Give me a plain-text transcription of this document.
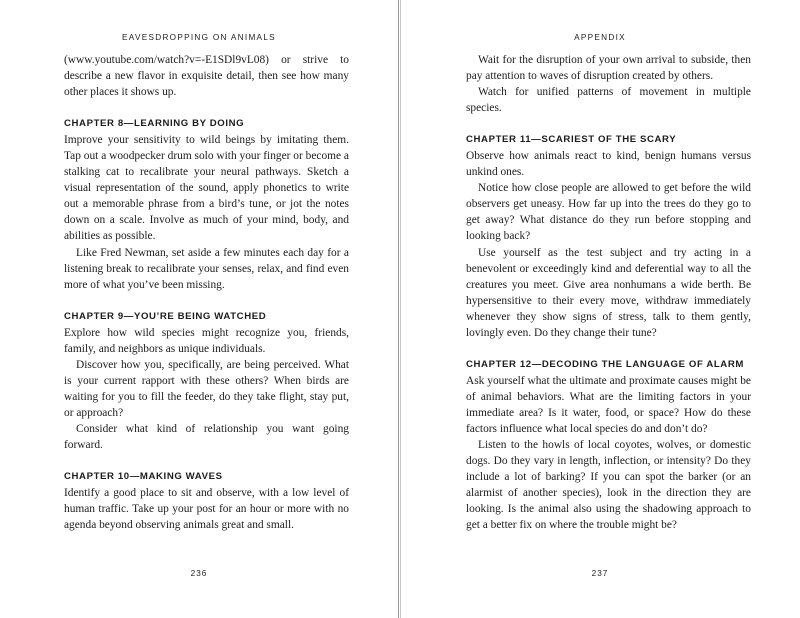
EAVESDROPPING ON ANIMALS

(www.youtube.com/watch?v=-E1SDl9vL08) or strive to describe a new flavor in exquisite detail, then see how many other places it shows up.

CHAPTER 8—LEARNING BY DOING

Improve your sensitivity to wild beings by imitating them. Tap out a woodpecker drum solo with your finger or become a stalking cat to recalibrate your neural pathways. Sketch a visual representation of the sound, apply phonetics to write out a memorable phrase from a bird’s tune, or jot the notes down on a scale. Involve as much of your mind, body, and abilities as possible.

Like Fred Newman, set aside a few minutes each day for a listening break to recalibrate your senses, relax, and find even more of what you’ve been missing.

CHAPTER 9—YOU’RE BEING WATCHED

Explore how wild species might recognize you, friends, family, and neighbors as unique individuals.

Discover how you, specifically, are being perceived. What is your current rapport with these others? When birds are waiting for you to fill the feeder, do they take flight, stay put, or approach?

Consider what kind of relationship you want going forward.

CHAPTER 10—MAKING WAVES

Identify a good place to sit and observe, with a low level of human traffic. Take up your post for an hour or more with no agenda beyond observing animals great and small.

236
APPENDIX

Wait for the disruption of your own arrival to subside, then pay attention to waves of disruption created by others.

Watch for unified patterns of movement in multiple species.

CHAPTER 11—SCARIEST OF THE SCARY

Observe how animals react to kind, benign humans versus unkind ones.

Notice how close people are allowed to get before the wild observers get uneasy. How far up into the trees do they go to get away? What distance do they run before stopping and looking back?

Use yourself as the test subject and try acting in a benevolent or exceedingly kind and deferential way to all the creatures you meet. Give area nonhumans a wide berth. Be hypersensitive to their every move, withdraw immediately whenever they show signs of stress, talk to them gently, lovingly even. Do they change their tune?

CHAPTER 12—DECODING THE LANGUAGE OF ALARM

Ask yourself what the ultimate and proximate causes might be of animal behaviors. What are the limiting factors in your immediate area? Is it water, food, or space? How do these factors influence what local species do and don’t do?

Listen to the howls of local coyotes, wolves, or domestic dogs. Do they vary in length, inflection, or intensity? Do they include a lot of barking? If you can spot the barker (or an alarmist of another species), look in the direction they are looking. Is the animal also using the shadowing approach to get a better fix on where the trouble might be?

237
